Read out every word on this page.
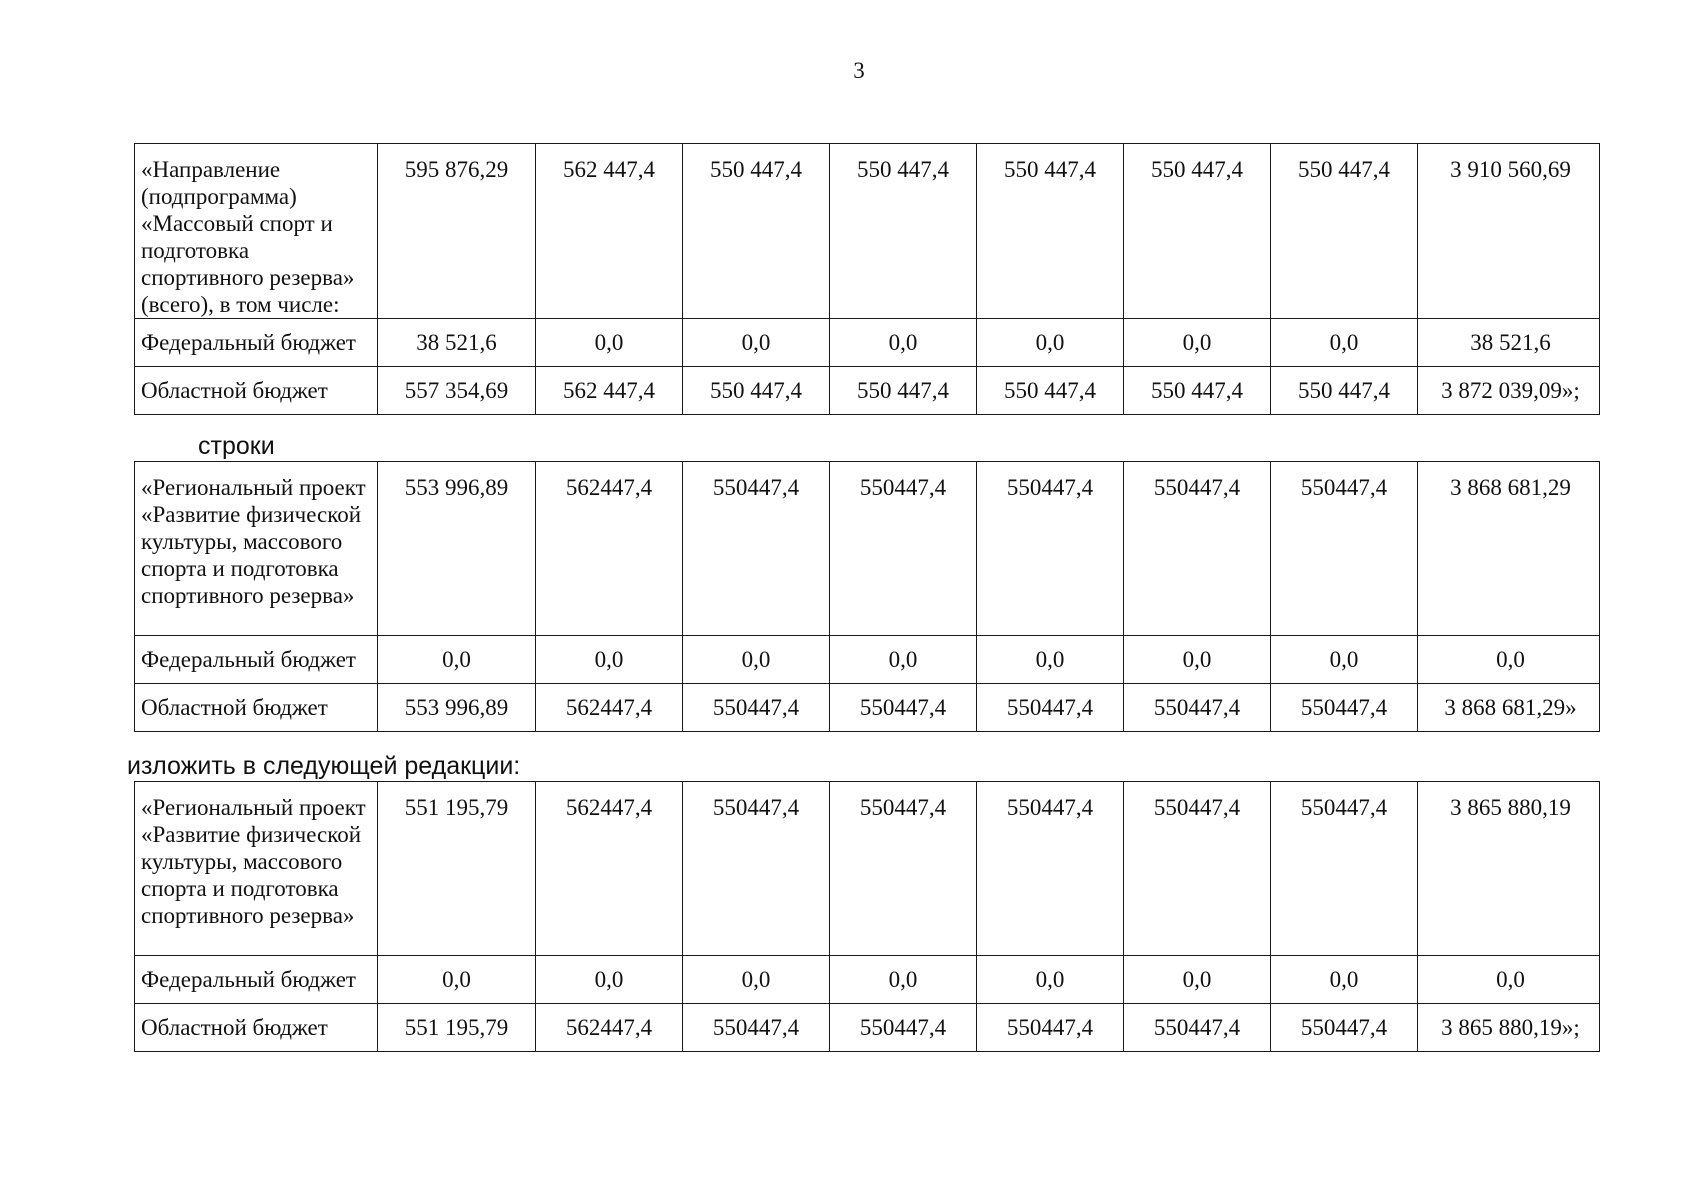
3
«Направление (подпрограмма) «Массовый спорт и подготовка спортивного резерва» (всего), в том числе:	595 876,29	562 447,4	550 447,4	550 447,4	550 447,4	550 447,4	550 447,4	3 910 560,69
Федеральный бюджет	38 521,6	0,0	0,0	0,0	0,0	0,0	0,0	38 521,6
Областной бюджет	557 354,69	562 447,4	550 447,4	550 447,4	550 447,4	550 447,4	550 447,4	3 872 039,09»;
строки
«Региональный проект «Развитие физической культуры, массового спорта и подготовка спортивного резерва»	553 996,89	562447,4	550447,4	550447,4	550447,4	550447,4	550447,4	3 868 681,29
Федеральный бюджет	0,0	0,0	0,0	0,0	0,0	0,0	0,0	0,0
Областной бюджет	553 996,89	562447,4	550447,4	550447,4	550447,4	550447,4	550447,4	3 868 681,29»
изложить в следующей редакции:
«Региональный проект «Развитие физической культуры, массового спорта и подготовка спортивного резерва»	551 195,79	562447,4	550447,4	550447,4	550447,4	550447,4	550447,4	3 865 880,19
Федеральный бюджет	0,0	0,0	0,0	0,0	0,0	0,0	0,0	0,0
Областной бюджет	551 195,79	562447,4	550447,4	550447,4	550447,4	550447,4	550447,4	3 865 880,19»;
